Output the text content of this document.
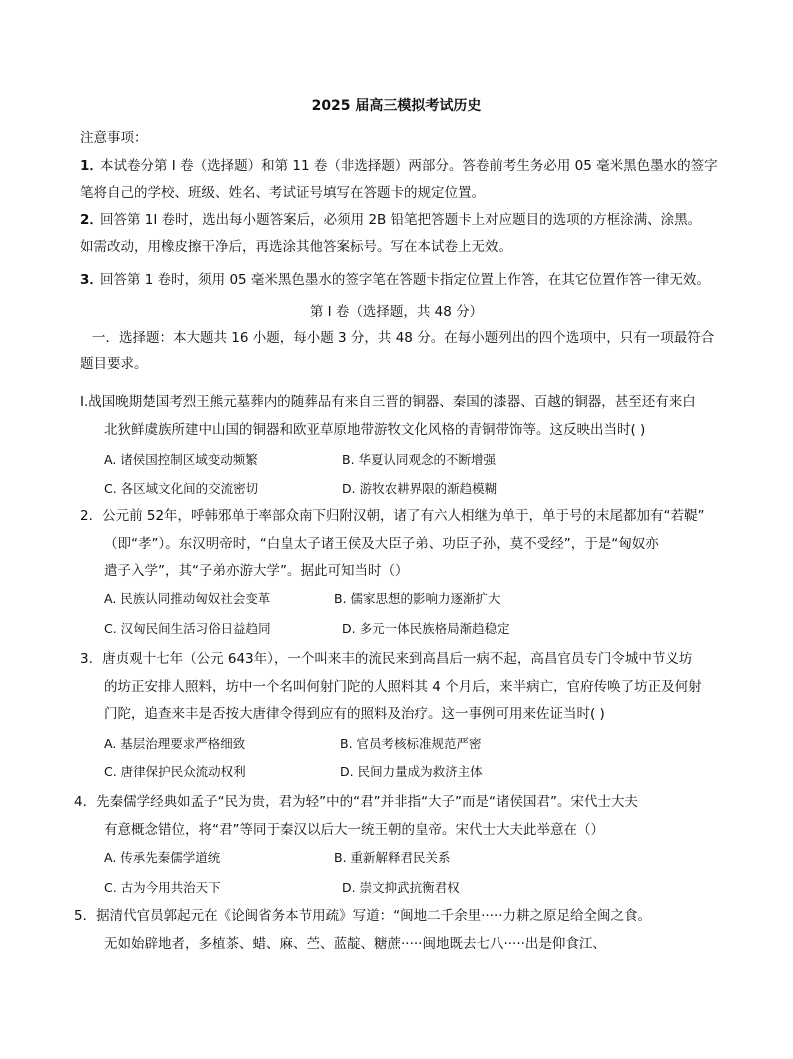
2025 届高三模拟考试历史
注意事项：
1．
本试卷分第 I 卷（选择题）和第 11 卷（非选择题）两部分。答卷前考生务必用 05 毫米黑色墨水的签字
笔将自己的学校、班级、姓名、考试证号填写在答题卡的规定位置。
2．
回答第 1I 卷时，选出每小题答案后，必须用 2B 铅笔把答题卡上对应题目的选项的方框涂满、涂黑。
如需改动，用橡皮擦干净后，再选涂其他答案标号。写在本试卷上无效。
3．
回答第 1 卷时，须用 05 毫米黑色墨水的签字笔在答题卡指定位置上作答，在其它位置作答一律无效。
第 I 卷（选择题，共 48 分）
一．选择题：本大题共 16 小题，每小题 3 分，共 48 分。在每小题列出的四个选项中，只有一项最符合
题目要求。
I.战国晚期楚国考烈王熊元墓葬内的随葬品有来自三晋的铜器、秦国的漆器、百越的铜器，甚至还有来白
北狄鲜虞族所建中山国的铜器和欧亚草原地带游牧文化风格的青铜带饰等。这反映出当时( )
A. 诸侯国控制区域变动频繁	B. 华夏认同观念的不断增强
C. 各区域文化间的交流密切	D. 游牧农耕界限的渐趋模糊
2．公元前 52年，呼韩邪单于率部众南下归附汉朝，诸了有六人相继为单于，单于号的末尾都加有“若鞮”
（即“孝”）。东汉明帝时，“白皇太子诸王侯及大臣子弟、功臣子孙，莫不受经”，于是“匈奴亦
遣子入学”，其“子弟亦游大学”。据此可知当时（）
A. 民族认同推动匈奴社会变革	B. 儒家思想的影响力逐渐扩大
C. 汉匈民间生活习俗日益趋同	D. 多元一体民族格局渐趋稳定
3．唐贞观十七年（公元 643年），一个叫来丰的流民来到高昌后一病不起，高昌官员专门令城中节义坊
的坊正安排人照料，坊中一个名叫何射门陀的人照料其 4 个月后，来半病亡，官府传唤了坊正及何射
门陀，追查来丰是否按大唐律令得到应有的照料及治疗。这一事例可用来佐证当时( )
A. 基层治理要求严格细致	B. 官员考核标准规范严密
C. 唐律保护民众流动权利	D. 民间力量成为救济主体
4．先秦儒学经典如孟子“民为贵，君为轻”中的“君”并非指“大子”而是“诸侯国君”。宋代士大夫
有意概念错位，将“君”等同于秦汉以后大一统王朝的皇帝。宋代士大夫此举意在（）
A. 传承先秦儒学道统	B. 重新解释君民关系
C. 古为今用共治天下	D. 崇文抑武抗衡君权
5．据清代官员郭起元在《论闽省务本节用疏》写道：“闽地二千余里·····力耕之原足给全闽之食。
无如始辟地者，多植茶、蜡、麻、苎、蓝靛、糖蔗·····闽地既去七八·····出是仰食江、
